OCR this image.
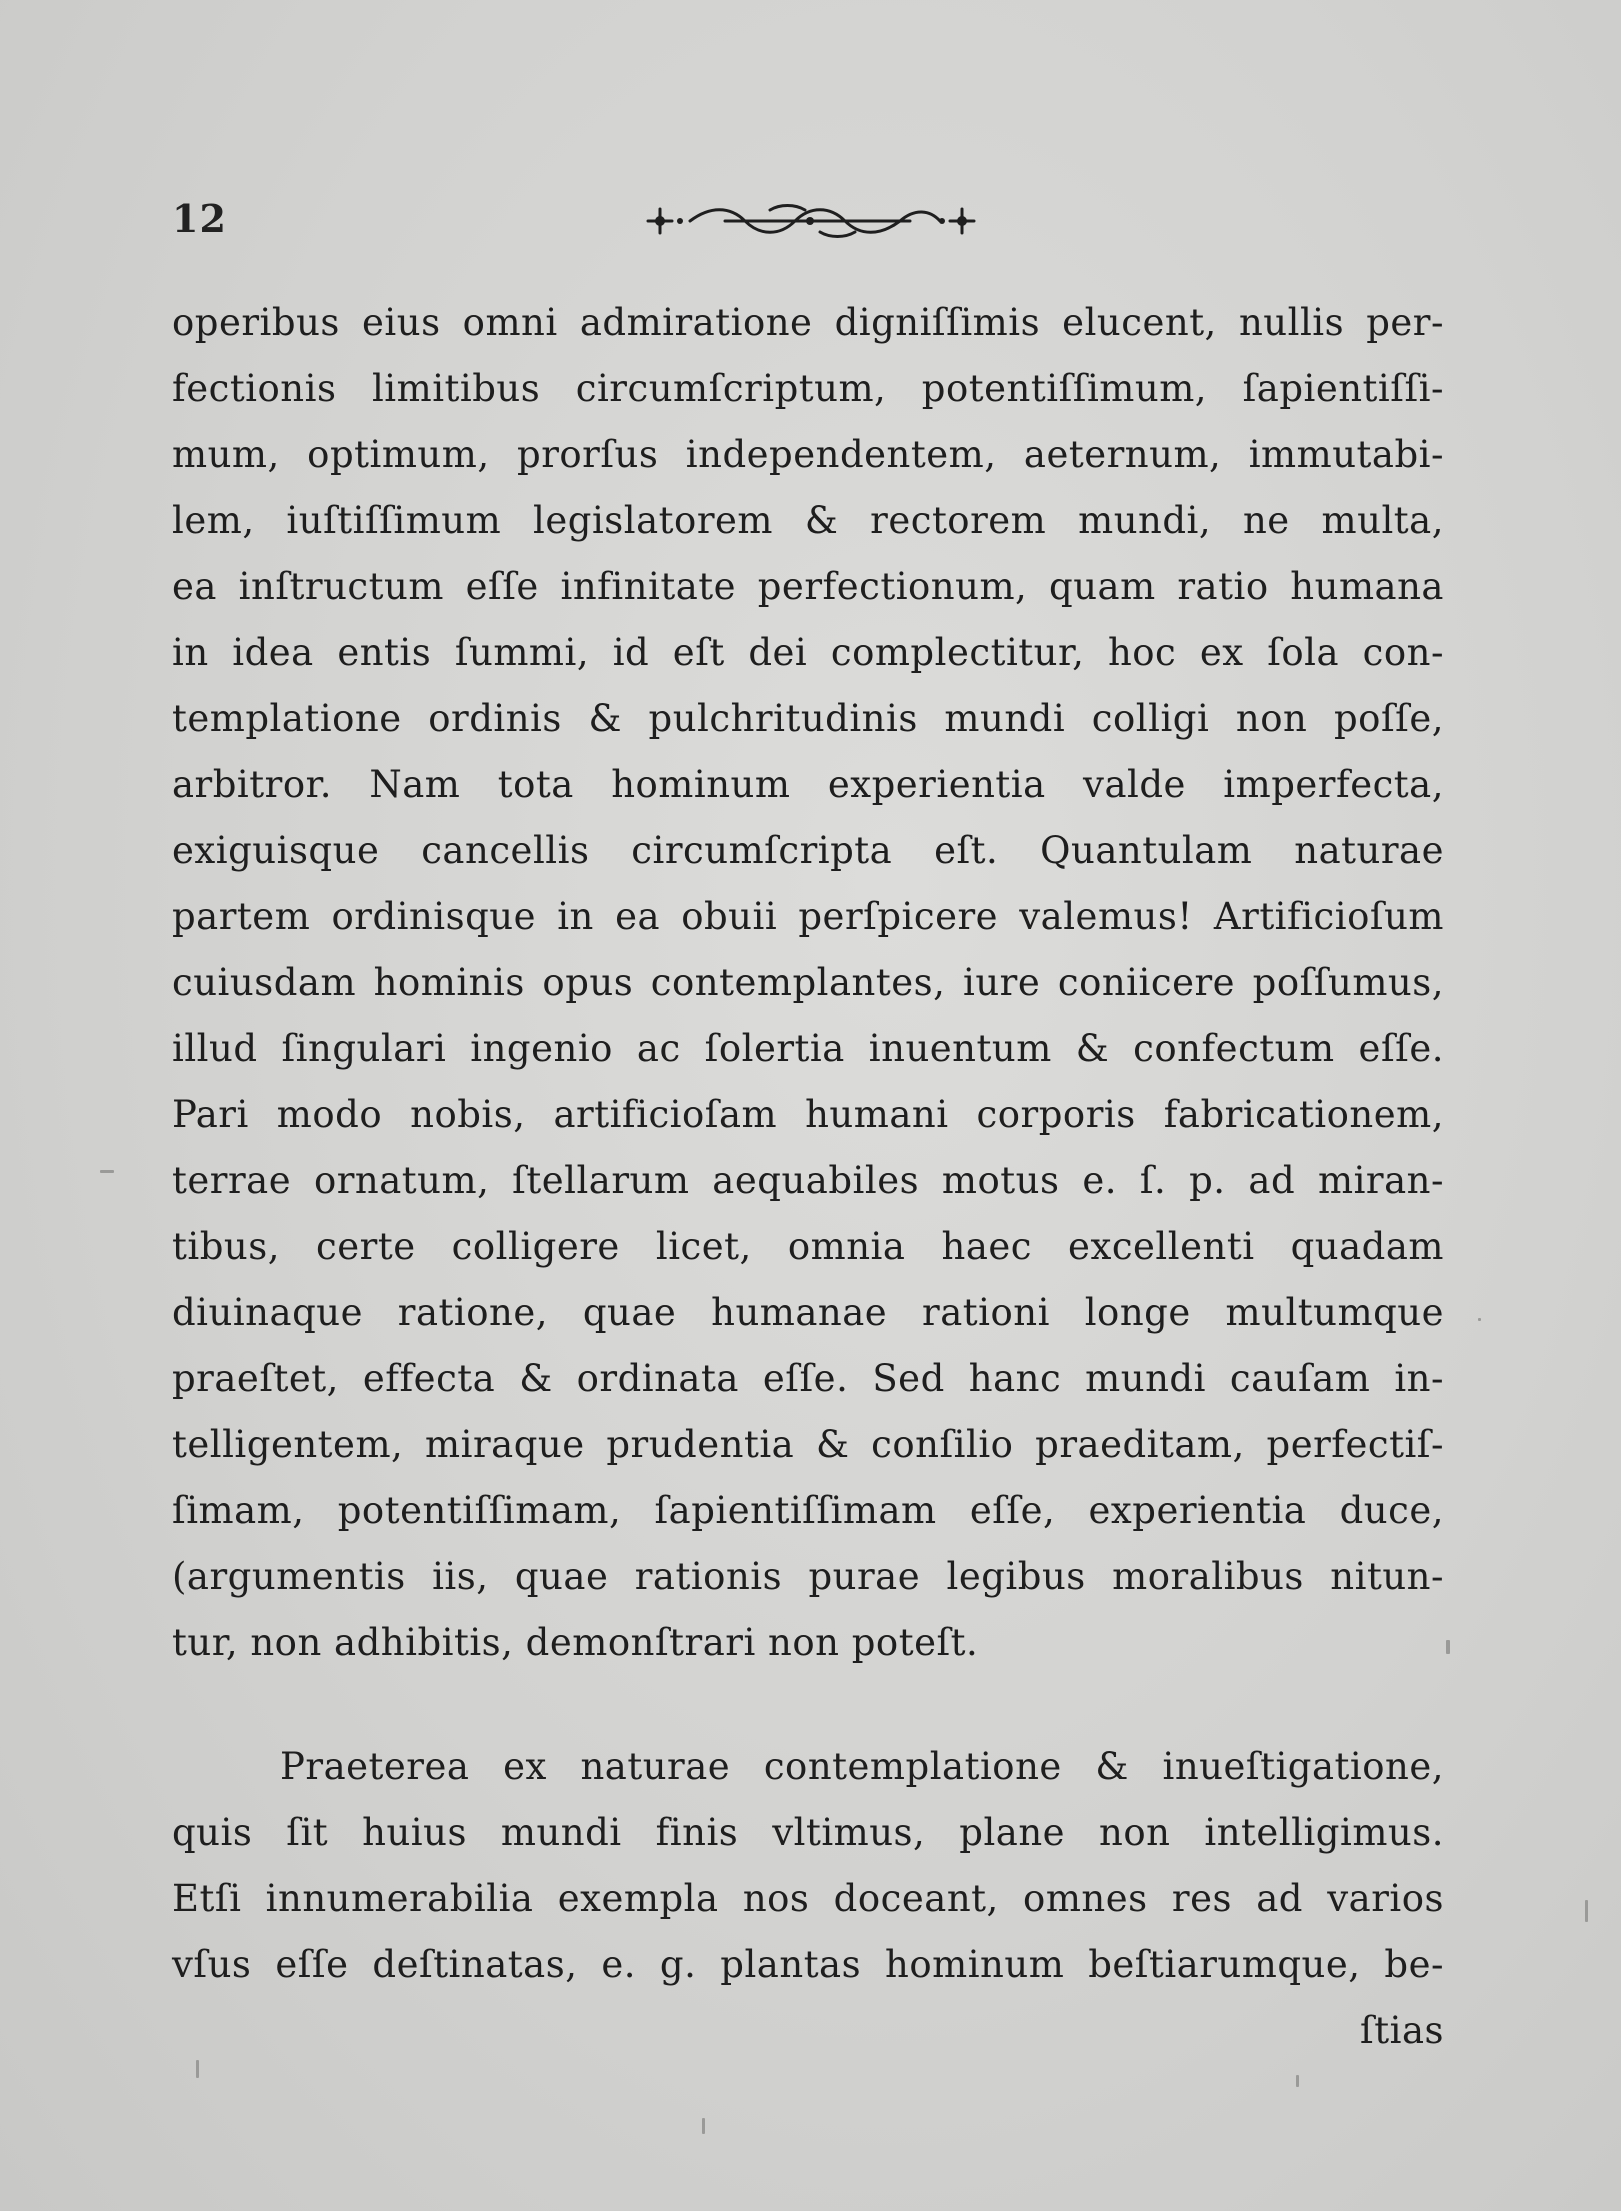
12
operibus eius omni admiratione digniſſimis elucent, nullis per-
fectionis limitibus circumſcriptum, potentiſſimum, ſapientiſſi-
mum, optimum, prorſus independentem, aeternum, immutabi-
lem, iuſtiſſimum legislatorem & rectorem mundi, ne multa,
ea inſtructum eſſe infinitate perfectionum, quam ratio humana
in idea entis ſummi, id eſt dei complectitur, hoc ex ſola con-
templatione ordinis & pulchritudinis mundi colligi non poſſe,
arbitror. Nam tota hominum experientia valde imperfecta,
exiguisque cancellis circumſcripta eſt. Quantulam naturae
partem ordinisque in ea obuii perſpicere valemus! Artificioſum
cuiusdam hominis opus contemplantes, iure coniicere poſſumus,
illud ſingulari ingenio ac ſolertia inuentum & confectum eſſe.
Pari modo nobis, artificioſam humani corporis fabricationem,
terrae ornatum, ſtellarum aequabiles motus e. ſ. p. ad miran-
tibus, certe colligere licet, omnia haec excellenti quadam
diuinaque ratione, quae humanae rationi longe multumque
praeſtet, effecta & ordinata eſſe. Sed hanc mundi cauſam in-
telligentem, miraque prudentia & conſilio praeditam, perfectiſ-
ſimam, potentiſſimam, ſapientiſſimam eſſe, experientia duce,
(argumentis iis, quae rationis purae legibus moralibus nitun-
tur, non adhibitis, demonſtrari non poteſt.
Praeterea ex naturae contemplatione & inueſtigatione,
quis ſit huius mundi finis vltimus, plane non intelligimus.
Etſi innumerabilia exempla nos doceant, omnes res ad varios
vſus eſſe deſtinatas, e. g. plantas hominum beſtiarumque, be-
ſtias
